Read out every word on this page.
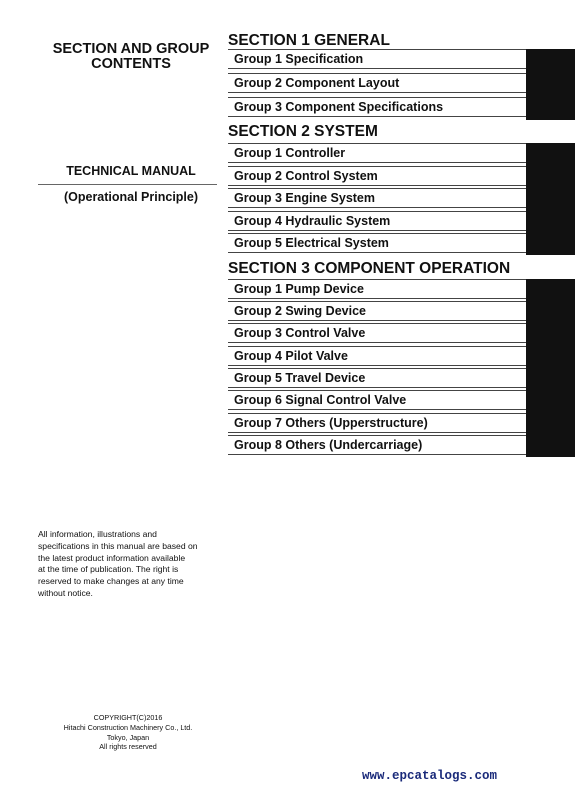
SECTION AND GROUP CONTENTS
TECHNICAL MANUAL
(Operational Principle)
SECTION 1 GENERAL
Group 1 Specification
Group 2 Component Layout
Group 3 Component Specifications
SECTION 2 SYSTEM
Group 1 Controller
Group 2 Control System
Group 3 Engine System
Group 4 Hydraulic System
Group 5 Electrical System
SECTION 3 COMPONENT OPERATION
Group 1 Pump Device
Group 2 Swing Device
Group 3 Control Valve
Group 4 Pilot Valve
Group 5 Travel Device
Group 6 Signal Control Valve
Group 7 Others (Upperstructure)
Group 8 Others (Undercarriage)
All information, illustrations and
specifications in this manual are based on
the latest product information available
at the time of publication. The right is
reserved to make changes at any time
without notice.
COPYRIGHT(C)2016
Hitachi Construction Machinery Co., Ltd.
Tokyo, Japan
All rights reserved
www.epcatalogs.com
